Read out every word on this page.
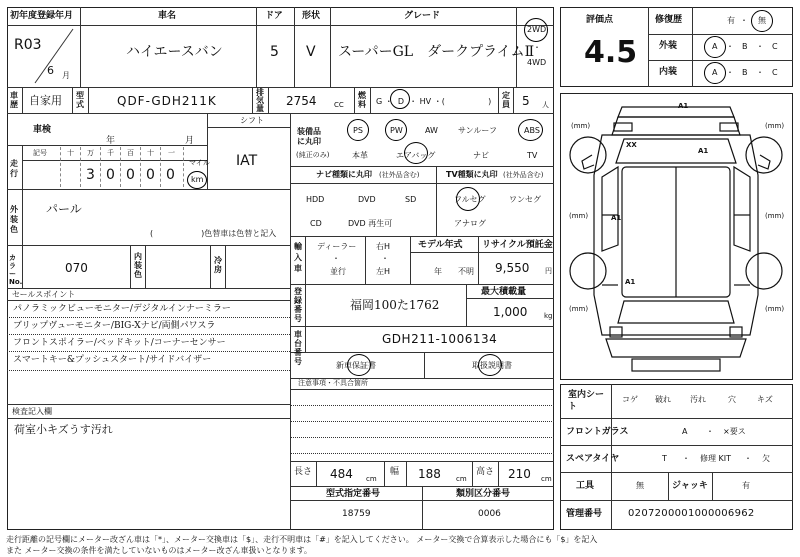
初年度登録年月
R03
6 月
車名
ハイエースバン
ドア
5
形状
V
グレード
スーパーGL　ダークプライムⅡ
2WD
・
4WD
車歴 自家用 型式	QDF-GDH211K
排気量
2754 CC
燃料 G ・ D ・ HV ・(	)
定員 5 人
車検
年	月
シフト
IAT
走行
記号	十 万 千 百 十 一
3 0 0 0 0
マイル
km
装備品に丸印
(純正のみ)
PS	PW	AW	サンルーフ	ABS
本革	エアバッグ	ナビ	TV
ナビ種類に丸印 (社外品含む)
HDD	DVD	SD
CD	DVD 再生可
TV種類に丸印 (社外品含む)
フルセグ	ワンセグ
アナログ
外装色
パール
(　　　　　　)色替車は色替と記入
カラーNo.
070
内装色
冷房
輸入車
ディーラー
・
並行
右H
・
左H
モデル年式
年 不明
リサイクル預託金
9,550 円
セールスポイント
パノラミックビューモニター/デジタルインナーミラー
ブリップヴューモニター/BIG-Xナビ/両側パワスラ
フロントスポイラー/ベッドキット/コーナーセンサー
スマートキー&プッシュスタート/サイドバイザー
登録番号
福岡100た1762
最大積載量
1,000 kg
車台番号
GDH211-1006134
新車保証書	取扱説明書
注意事項・不具合箇所
検査記入欄
荷室小キズうす汚れ
長さ 484 cm
幅 188 cm
高さ 210 cm
型式指定番号
18759
類別区分番号
0006
評価点
4.5
修復歴	有 ・ 無
外装	A ・ B ・ C
内装	A ・ B ・ C
A1
A1
A1
A1
XX
(mm)	(mm)
(mm)	(mm)
(mm)	(mm)
室内シート
コゲ 破れ 汚れ	穴	キズ
フロントガラス	A ・ ×要ス
スペアタイヤ	T ・ 修理 KIT ・ 欠
工具	無	ジャッキ	有
管理番号	0207200001000006962
走行距離の記号欄にメーター改ざん車は「*」、メーター交換車は「$」、走行不明車は「#」を記入してください。 メーター交換で合算表示した場合にも「$」を記入
また メーター交換の条件を満たしていないものはメーター改ざん車扱いとなります。
